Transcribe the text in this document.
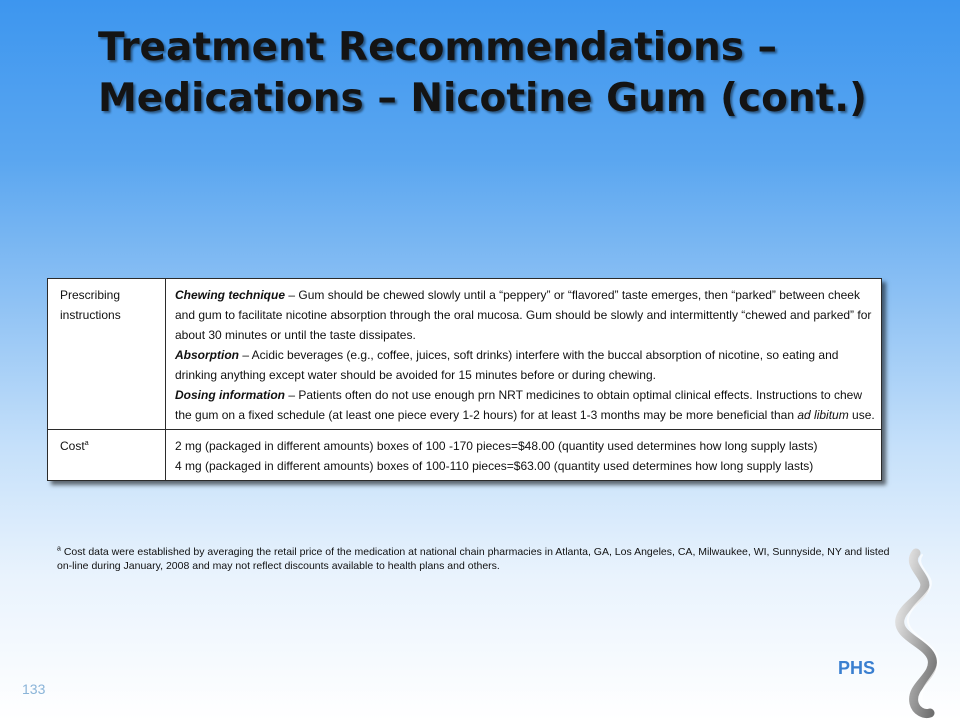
Treatment Recommendations – Medications – Nicotine Gum (cont.)
Prescribing instructions	Chewing technique – Gum should be chewed slowly until a “peppery” or “flavored” taste emerges, then “parked” between cheek and gum to facilitate nicotine absorption through the oral mucosa. Gum should be slowly and intermittently “chewed and parked” for about 30 minutes or until the taste dissipates.
Absorption – Acidic beverages (e.g., coffee, juices, soft drinks) interfere with the buccal absorption of nicotine, so eating and drinking anything except water should be avoided for 15 minutes before or during chewing.
Dosing information – Patients often do not use enough prn NRT medicines to obtain optimal clinical effects. Instructions to chew the gum on a fixed schedule (at least one piece every 1-2 hours) for at least 1-3 months may be more beneficial than ad libitum use.

Cost$^a$	2 mg (packaged in different amounts) boxes of 100 -170 pieces=$48.00 (quantity used determines how long supply lasts)
4 mg (packaged in different amounts) boxes of 100-110 pieces=$63.00 (quantity used determines how long supply lasts)
$^a$ Cost data were established by averaging the retail price of the medication at national chain pharmacies in Atlanta, GA, Los Angeles, CA, Milwaukee, WI, Sunnyside, NY and listed on-line during January, 2008 and may not reflect discounts available to health plans and others.
133
PHS
